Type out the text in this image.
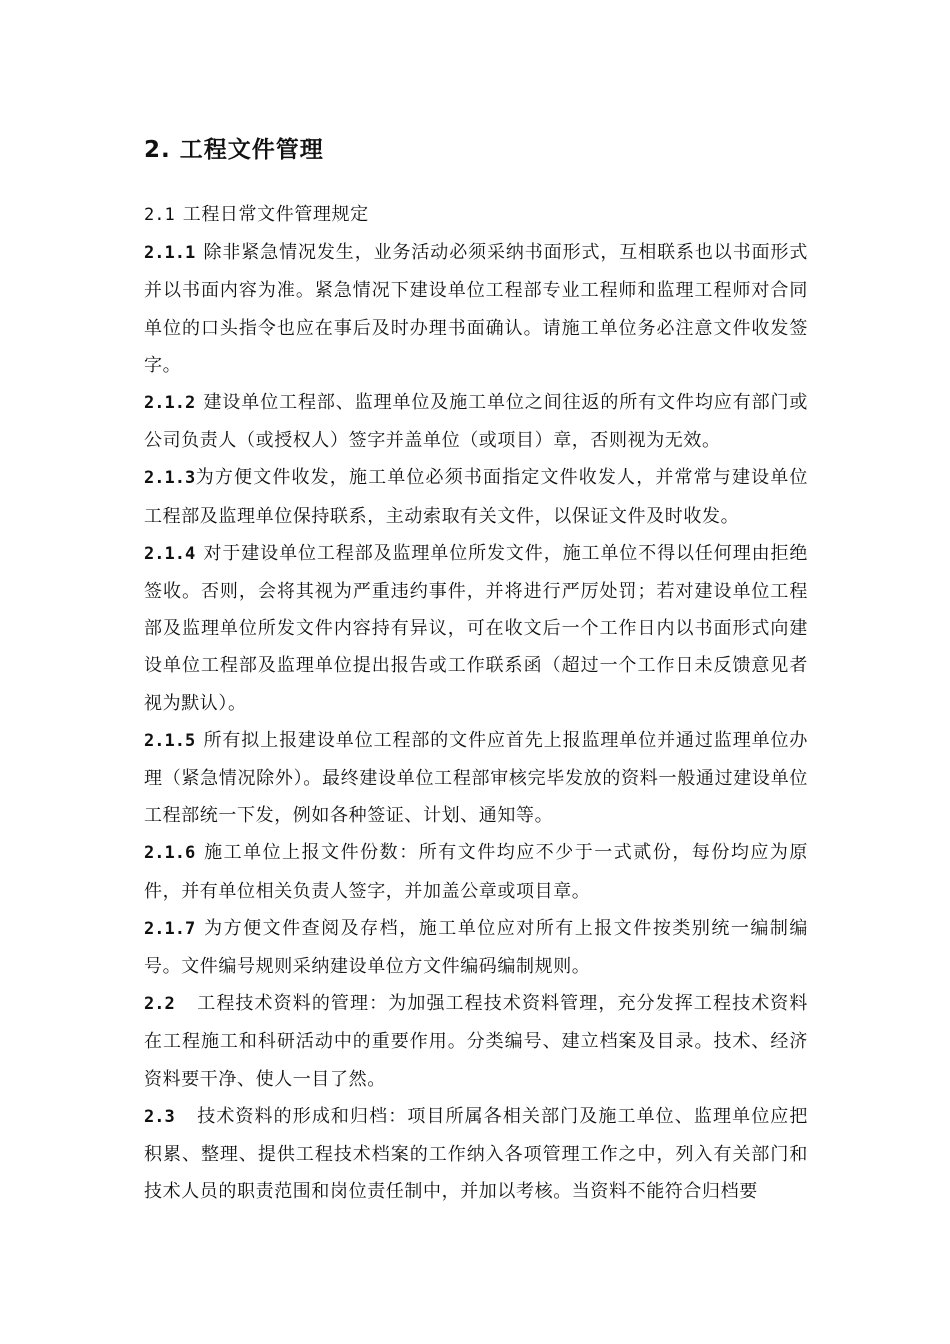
2. 工程文件管理

2.1 工程日常文件管理规定

2.1.1 除非紧急情况发生，业务活动必须采纳书面形式，互相联系也以书面形式并以书面内容为准。紧急情况下建设单位工程部专业工程师和监理工程师对合同单位的口头指令也应在事后及时办理书面确认。请施工单位务必注意文件收发签字。

2.1.2 建设单位工程部、监理单位及施工单位之间往返的所有文件均应有部门或公司负责人（或授权人）签字并盖单位（或项目）章，否则视为无效。

2.1.3为方便文件收发，施工单位必须书面指定文件收发人，并常常与建设单位工程部及监理单位保持联系，主动索取有关文件，以保证文件及时收发。

2.1.4 对于建设单位工程部及监理单位所发文件，施工单位不得以任何理由拒绝签收。否则，会将其视为严重违约事件，并将进行严厉处罚；若对建设单位工程部及监理单位所发文件内容持有异议，可在收文后一个工作日内以书面形式向建设单位工程部及监理单位提出报告或工作联系函（超过一个工作日未反馈意见者视为默认）。

2.1.5 所有拟上报建设单位工程部的文件应首先上报监理单位并通过监理单位办理（紧急情况除外）。最终建设单位工程部审核完毕发放的资料一般通过建设单位工程部统一下发，例如各种签证、计划、通知等。

2.1.6 施工单位上报文件份数：所有文件均应不少于一式贰份，每份均应为原件，并有单位相关负责人签字，并加盖公章或项目章。

2.1.7 为方便文件查阅及存档，施工单位应对所有上报文件按类别统一编制编号。文件编号规则采纳建设单位方文件编码编制规则。

2.2 工程技术资料的管理：为加强工程技术资料管理，充分发挥工程技术资料在工程施工和科研活动中的重要作用。分类编号、建立档案及目录。技术、经济资料要干净、使人一目了然。

2.3 技术资料的形成和归档：项目所属各相关部门及施工单位、监理单位应把积累、整理、提供工程技术档案的工作纳入各项管理工作之中，列入有关部门和技术人员的职责范围和岗位责任制中，并加以考核。当资料不能符合归档要
